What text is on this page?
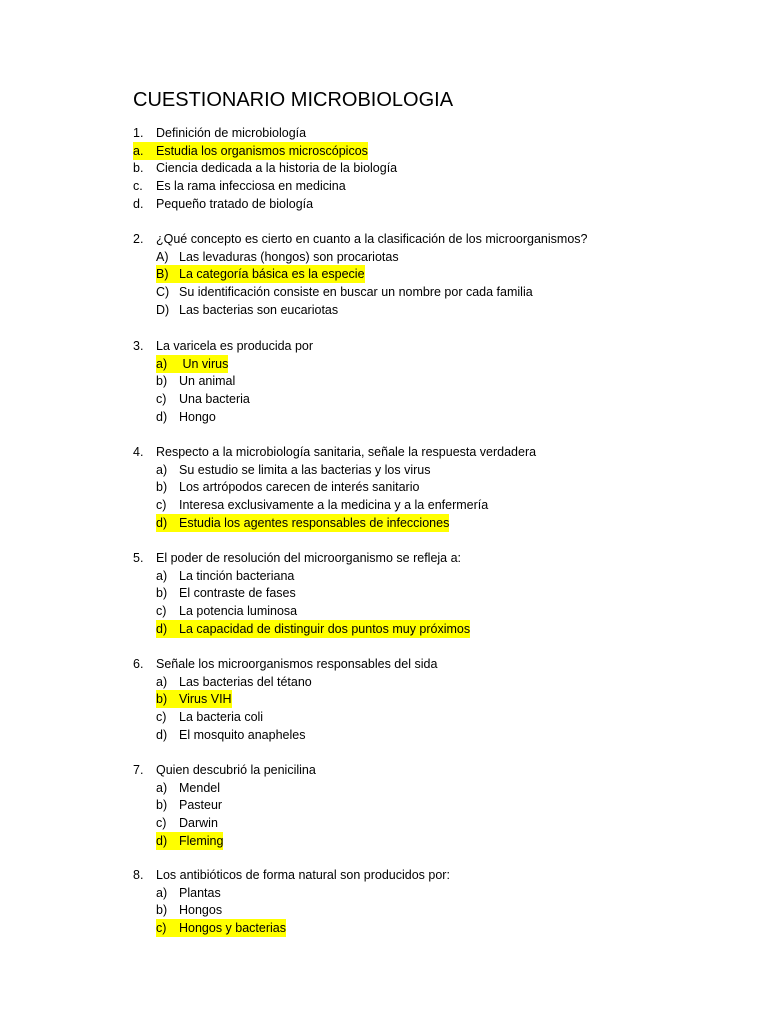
CUESTIONARIO MICROBIOLOGIA
1. Definición de microbiología
a.	Estudia los organismos microscópicos
b. Ciencia dedicada a la historia de la biología
c. Es la rama infecciosa en medicina
d. Pequeño tratado de biología
2. ¿Qué concepto es cierto en cuanto a la clasificación de los microorganismos?
A) Las levaduras (hongos) son procariotas
B) La categoría básica es la especie
C) Su identificación consiste en buscar un nombre por cada familia
D) Las bacterias son eucariotas
3. La varicela es producida por
a) Un virus
b) Un animal
c) Una bacteria
d) Hongo
4. Respecto a la microbiología sanitaria, señale la respuesta verdadera
a) Su estudio se limita a las bacterias y los virus
b) Los artrópodos carecen de interés sanitario
c) Interesa exclusivamente a la medicina y a la enfermería
d) Estudia los agentes responsables de infecciones
5. El poder de resolución del microorganismo se refleja a:
a) La tinción bacteriana
b) El contraste de fases
c) La potencia luminosa
d) La capacidad de distinguir dos puntos muy próximos
6. Señale los microorganismos responsables del sida
a) Las bacterias del tétano
b) Virus VIH
c) La bacteria coli
d) El mosquito anapheles
7. Quien descubrió la penicilina
a) Mendel
b) Pasteur
c) Darwin
d) Fleming
8. Los antibióticos de forma natural son producidos por:
a) Plantas
b) Hongos
c)	Hongos y bacterias
